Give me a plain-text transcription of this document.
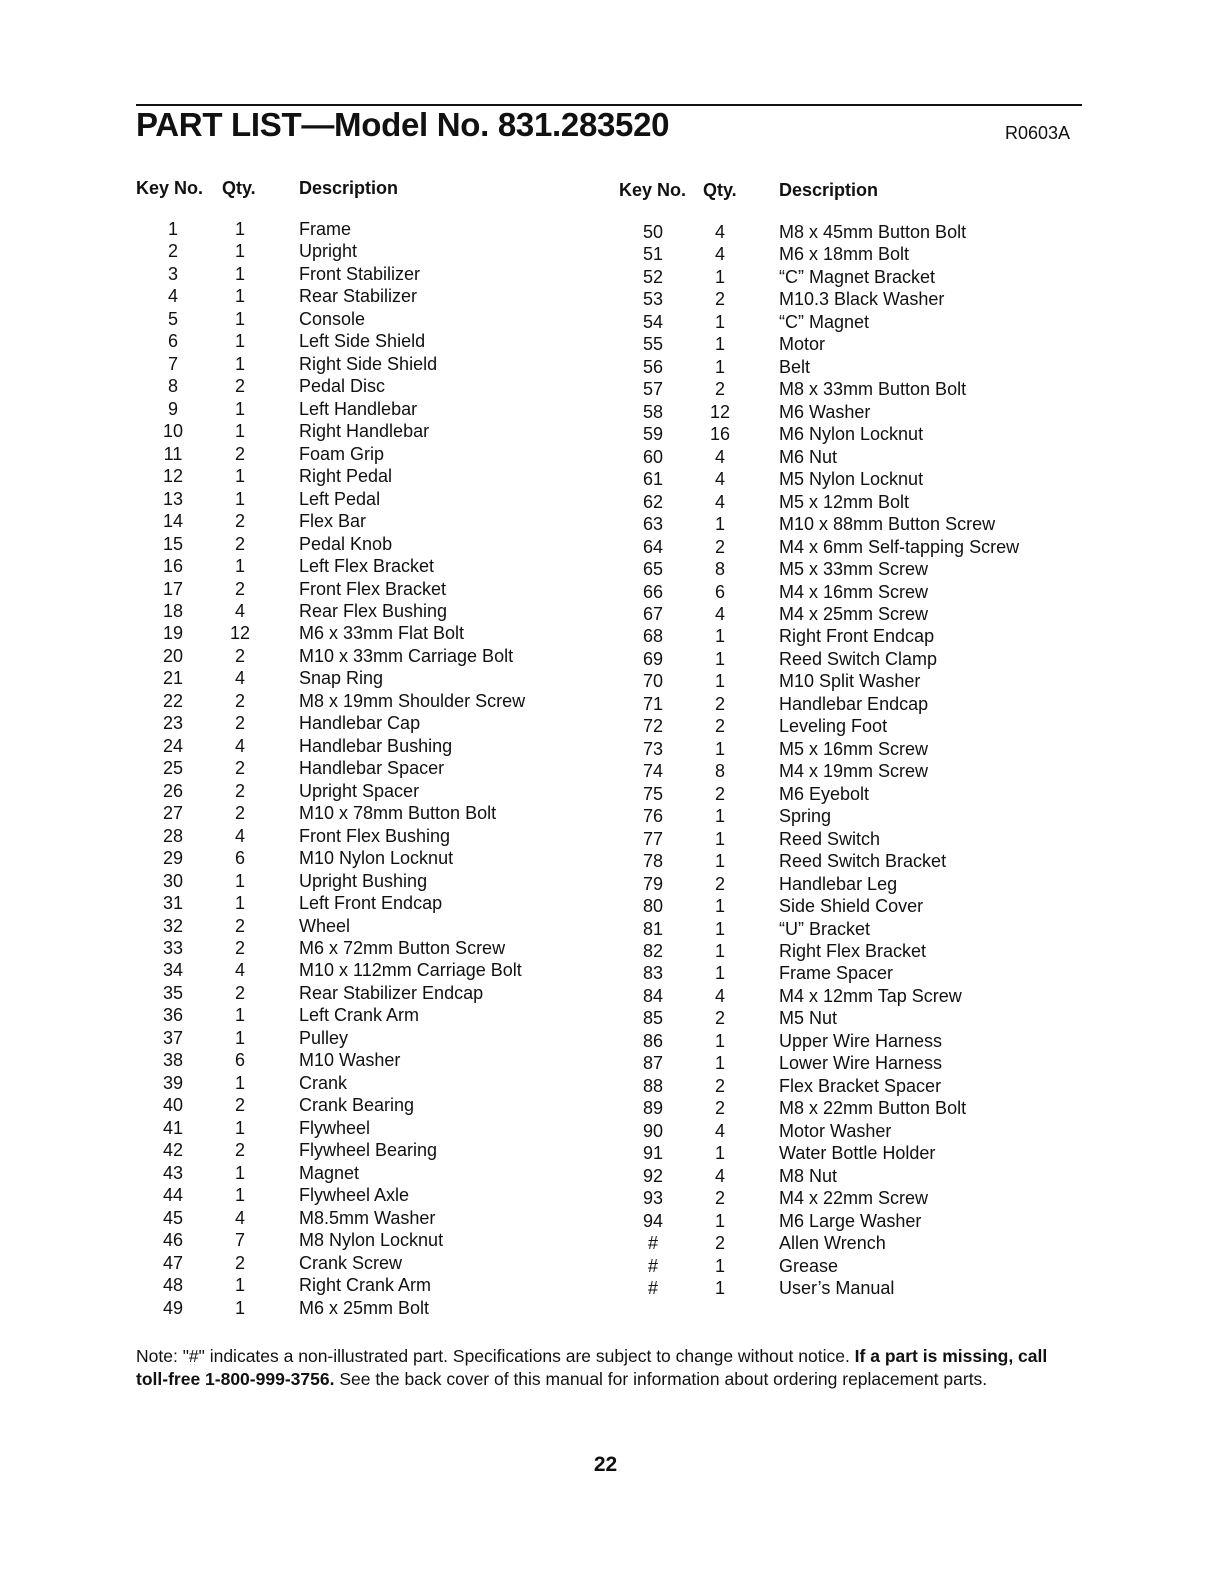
PART LIST—Model No. 831.283520	R0603A
Key No. Qty. Description
1	1	Frame
2	1	Upright
3	1	Front Stabilizer
4	1	Rear Stabilizer
5	1	Console
6	1	Left Side Shield
7	1	Right Side Shield
8	2	Pedal Disc
9	1	Left Handlebar
10	1	Right Handlebar
11	2	Foam Grip
12	1	Right Pedal
13	1	Left Pedal
14	2	Flex Bar
15	2	Pedal Knob
16	1	Left Flex Bracket
17	2	Front Flex Bracket
18	4	Rear Flex Bushing
19	12	M6 x 33mm Flat Bolt
20	2	M10 x 33mm Carriage Bolt
21	4	Snap Ring
22	2	M8 x 19mm Shoulder Screw
23	2	Handlebar Cap
24	4	Handlebar Bushing
25	2	Handlebar Spacer
26	2	Upright Spacer
27	2	M10 x 78mm Button Bolt
28	4	Front Flex Bushing
29	6	M10 Nylon Locknut
30	1	Upright Bushing
31	1	Left Front Endcap
32	2	Wheel
33	2	M6 x 72mm Button Screw
34	4	M10 x 112mm Carriage Bolt
35	2	Rear Stabilizer Endcap
36	1	Left Crank Arm
37	1	Pulley
38	6	M10 Washer
39	1	Crank
40	2	Crank Bearing
41	1	Flywheel
42	2	Flywheel Bearing
43	1	Magnet
44	1	Flywheel Axle
45	4	M8.5mm Washer
46	7	M8 Nylon Locknut
47	2	Crank Screw
48	1	Right Crank Arm
49	1	M6 x 25mm Bolt
Key No. Qty. Description
50	4	M8 x 45mm Button Bolt
51	4	M6 x 18mm Bolt
52	1	“C” Magnet Bracket
53	2	M10.3 Black Washer
54	1	“C” Magnet
55	1	Motor
56	1	Belt
57	2	M8 x 33mm Button Bolt
58	12	M6 Washer
59	16	M6 Nylon Locknut
60	4	M6 Nut
61	4	M5 Nylon Locknut
62	4	M5 x 12mm Bolt
63	1	M10 x 88mm Button Screw
64	2	M4 x 6mm Self-tapping Screw
65	8	M5 x 33mm Screw
66	6	M4 x 16mm Screw
67	4	M4 x 25mm Screw
68	1	Right Front Endcap
69	1	Reed Switch Clamp
70	1	M10 Split Washer
71	2	Handlebar Endcap
72	2	Leveling Foot
73	1	M5 x 16mm Screw
74	8	M4 x 19mm Screw
75	2	M6 Eyebolt
76	1	Spring
77	1	Reed Switch
78	1	Reed Switch Bracket
79	2	Handlebar Leg
80	1	Side Shield Cover
81	1	“U” Bracket
82	1	Right Flex Bracket
83	1	Frame Spacer
84	4	M4 x 12mm Tap Screw
85	2	M5 Nut
86	1	Upper Wire Harness
87	1	Lower Wire Harness
88	2	Flex Bracket Spacer
89	2	M8 x 22mm Button Bolt
90	4	Motor Washer
91	1	Water Bottle Holder
92	4	M8 Nut
93	2	M4 x 22mm Screw
94	1	M6 Large Washer
#	2	Allen Wrench
#	1	Grease
#	1	User’s Manual
Note: "#" indicates a non-illustrated part. Specifications are subject to change without notice. If a part is missing, call toll-free 1-800-999-3756. See the back cover of this manual for information about ordering replacement parts.
22
